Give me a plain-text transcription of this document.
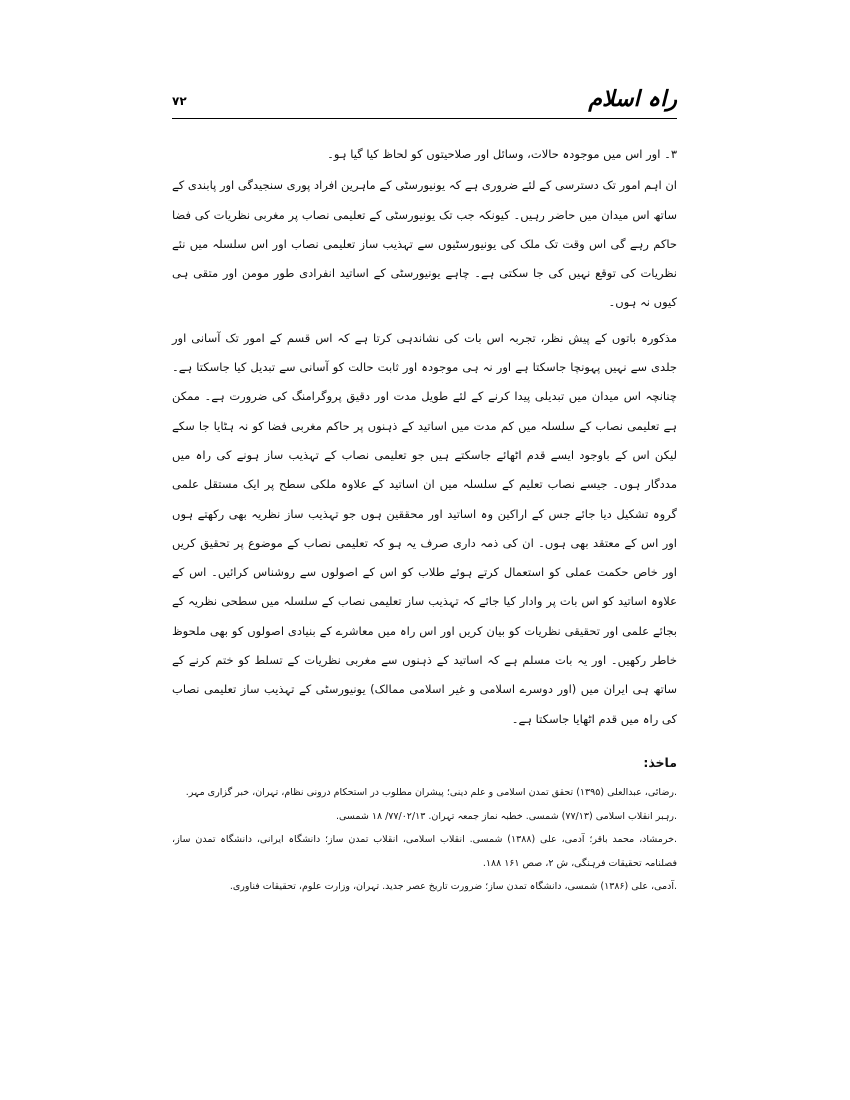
راہ اسلام
۷۲

۳۔ اور اس میں موجودہ حالات، وسائل اور صلاحیتوں کو لحاظ کیا گیا ہو۔

ان اہم امور تک دسترسی کے لئے ضروری ہے کہ یونیورسٹی کے ماہرین افراد پوری سنجیدگی اور پابندی کے ساتھ اس میدان میں حاضر رہیں۔ کیونکہ جب تک یونیورسٹی کے تعلیمی نصاب پر مغربی نظریات کی فضا حاکم رہے گی اس وقت تک ملک کی یونیورسٹیوں سے تہذیب ساز تعلیمی نصاب اور اس سلسلہ میں نئے نظریات کی توقع نہیں کی جا سکتی ہے۔ چاہے یونیورسٹی کے اساتید انفرادی طور مومن اور متقی ہی کیوں نہ ہوں۔

مذکورہ باتوں کے پیش نظر، تجربہ اس بات کی نشاندہی کرتا ہے کہ اس قسم کے امور تک آسانی اور جلدی سے نہیں پہونچا جاسکتا ہے اور نہ ہی موجودہ اور ثابت حالت کو آسانی سے تبدیل کیا جاسکتا ہے۔ چنانچہ اس میدان میں تبدیلی پیدا کرنے کے لئے طویل مدت اور دقیق پروگرامنگ کی ضرورت ہے۔ ممکن ہے تعلیمی نصاب کے سلسلہ میں کم مدت میں اساتید کے ذہنوں پر حاکم مغربی فضا کو نہ ہٹایا جا سکے لیکن اس کے باوجود ایسے قدم اٹھائے جاسکتے ہیں جو تعلیمی نصاب کے تہذیب ساز ہونے کی راہ میں مددگار ہوں۔ جیسے نصاب تعلیم کے سلسلہ میں ان اساتید کے علاوہ ملکی سطح پر ایک مستقل علمی گروہ تشکیل دیا جائے جس کے اراکین وہ اساتید اور محققین ہوں جو تہذیب ساز نظریہ بھی رکھتے ہوں اور اس کے معتقد بھی ہوں۔ ان کی ذمہ داری صرف یہ ہو کہ تعلیمی نصاب کے موضوع پر تحقیق کریں اور خاص حکمت عملی کو استعمال کرتے ہوئے طلاب کو اس کے اصولوں سے روشناس کرائیں۔ اس کے علاوہ اساتید کو اس بات پر وادار کیا جائے کہ تہذیب ساز تعلیمی نصاب کے سلسلہ میں سطحی نظریہ کے بجائے علمی اور تحقیقی نظریات کو بیان کریں اور اس راہ میں معاشرے کے بنیادی اصولوں کو بھی ملحوظ خاطر رکھیں۔ اور یہ بات مسلم ہے کہ اساتید کے ذہنوں سے مغربی نظریات کے تسلط کو ختم کرنے کے ساتھ ہی ایران میں (اور دوسرے اسلامی و غیر اسلامی ممالک) یونیورسٹی کے تہذیب ساز تعلیمی نصاب کی راہ میں قدم اٹھایا جاسکتا ہے۔

ماخذ:
.رضائی، عبدالعلی (۱۳۹۵) تحقق تمدن اسلامی و علم دینی؛ پیشران مطلوب در استحکام درونی نظام، تہران، خبر گزاری مہر.
.رہبر انقلاب اسلامی (۷۷/۱۳) شمسی. خطبہ نماز جمعہ تہران. ۷۷/۰۲/۱۳/ ۱۸ شمسی.
.خرمشاد، محمد باقر؛ آدمی، علی (۱۳۸۸) شمسی. انقلاب اسلامی، انقلاب تمدن ساز؛ دانشگاہ ایرانی، دانشگاہ تمدن ساز، فصلنامہ تحقیقات فرہنگی، ش ۲، صص ۱۶۱ ۱۸۸.
.آدمی، علی (۱۳۸۶) شمسی، دانشگاہ تمدن ساز؛ ضرورت تاریخ عصر جدید. تہران، وزارت علوم، تحقیقات فناوری.
